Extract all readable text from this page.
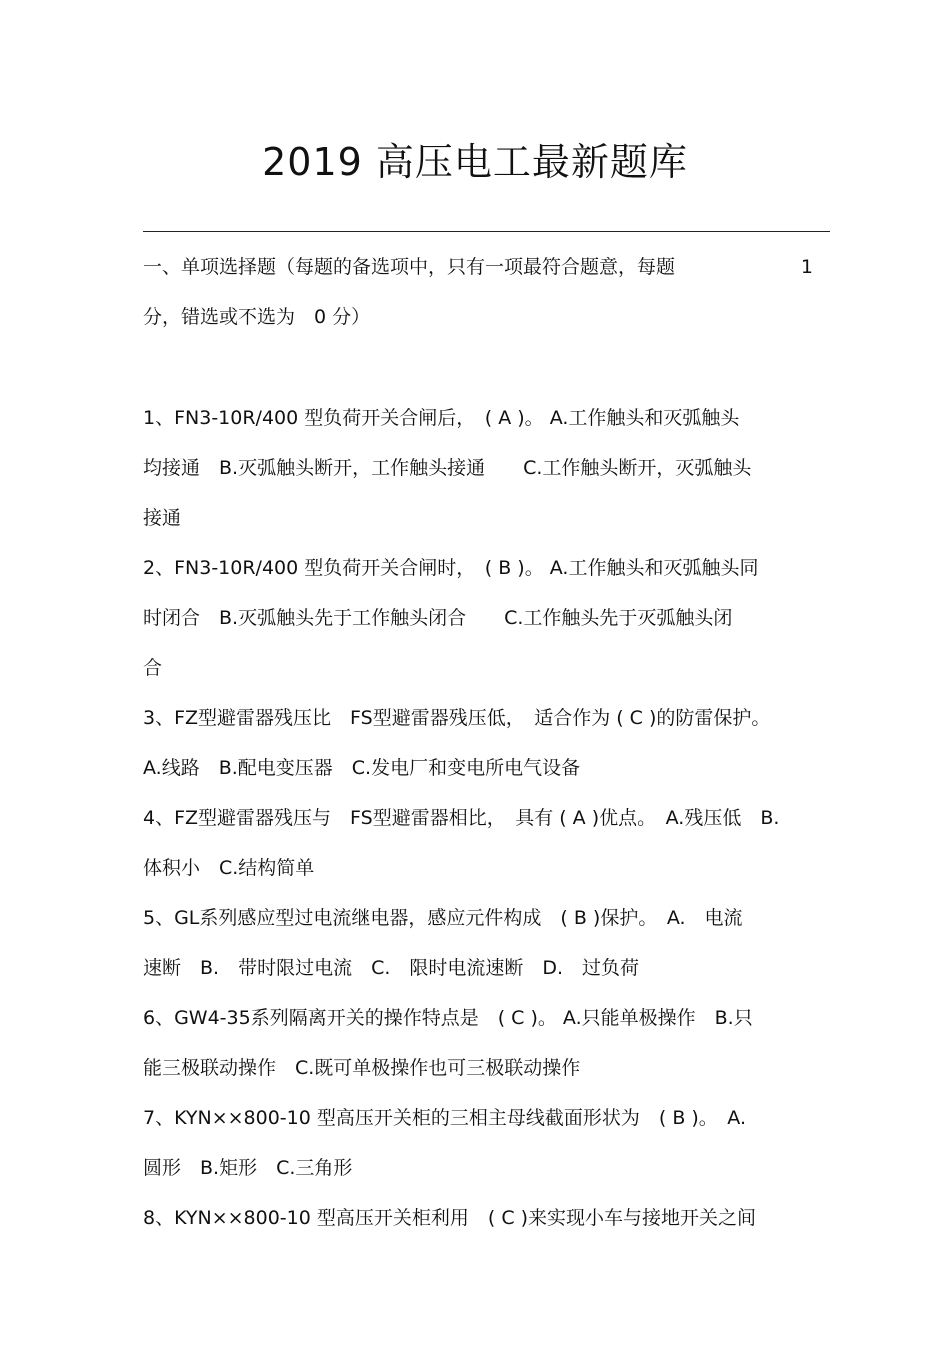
2019 高压电工最新题库
一、单项选择题（每题的备选项中，只有一项最符合题意，每题	1
分，错选或不选为　0 分）
1、FN3-10R/400 型负荷开关合闸后，　( A )。 A.工作触头和灭弧触头
均接通　B.灭弧触头断开，工作触头接通　　C.工作触头断开，灭弧触头
接通
2、FN3-10R/400 型负荷开关合闸时，　( B )。 A.工作触头和灭弧触头同
时闭合　B.灭弧触头先于工作触头闭合　　C.工作触头先于灭弧触头闭
合
3、FZ型避雷器残压比　FS型避雷器残压低，　适合作为 ( C )的防雷保护。
A.线路　B.配电变压器　C.发电厂和变电所电气设备
4、FZ型避雷器残压与　FS型避雷器相比，　具有 ( A )优点。　A.残压低　B.
体积小　C.结构简单
5、GL系列感应型过电流继电器，感应元件构成　( B )保护。　A.　电流
速断　B.　带时限过电流　C.　限时电流速断　D.　过负荷
6、GW4-35系列隔离开关的操作特点是　( C )。 A.只能单极操作　B.只
能三极联动操作　C.既可单极操作也可三极联动操作
7、KYN××800-10 型高压开关柜的三相主母线截面形状为　( B )。　A.
圆形　B.矩形　C.三角形
8、KYN××800-10 型高压开关柜利用　( C )来实现小车与接地开关之间
